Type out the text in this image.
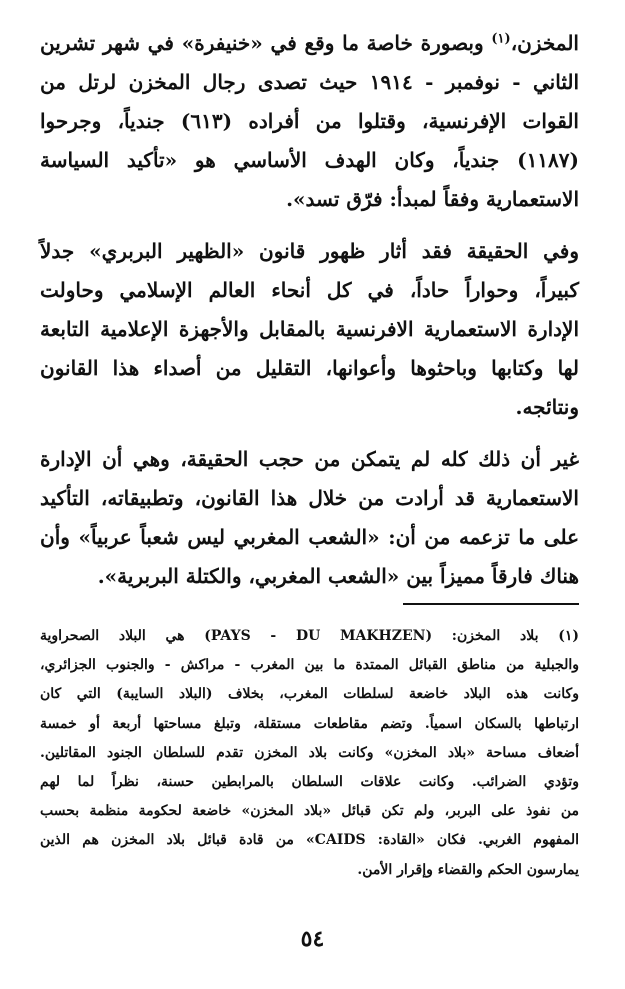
المخزن،$^{(١)}$ وبصورة خاصة ما وقع في «خنيفرة» في شهر تشرين
الثاني - نوفمبر - ١٩١٤ حيث تصدى رجال المخزن لرتل من
القوات الإفرنسية، وقتلوا من أفراده (٦١٣) جندياً، وجرحوا
(١١٨٧) جندياً، وكان الهدف الأساسي هو «تأكيد السياسة
الاستعمارية وفقاً لمبدأ: فرّق تسد».
وفي الحقيقة فقد أثار ظهور قانون «الظهير البربري» جدلاً
كبيراً، وحواراً حاداً، في كل أنحاء العالم الإسلامي وحاولت
الإدارة الاستعمارية الافرنسية بالمقابل والأجهزة الإعلامية التابعة
لها وكتابها وباحثوها وأعوانها، التقليل من أصداء هذا القانون
ونتائجه.
غير أن ذلك كله لم يتمكن من حجب الحقيقة، وهي أن الإدارة
الاستعمارية قد أرادت من خلال هذا القانون، وتطبيقاته، التأكيد
على ما تزعمه من أن: «الشعب المغربي ليس شعباً عربياً» وأن
هناك فارقاً مميزاً بين «الشعب المغربي، والكتلة البربرية».
(١) بلاد المخزن: (PAYS - DU MAKHZEN) هي البلاد الصحراوية
والجبلية من مناطق القبائل الممتدة ما بين المغرب - مراكش - والجنوب الجزائري،
وكانت هذه البلاد خاضعة لسلطات المغرب، بخلاف (البلاد السايبة) التي كان
ارتباطها بالسكان اسمياً. وتضم مقاطعات مستقلة، وتبلغ مساحتها أربعة أو خمسة
أضعاف مساحة «بلاد المخزن» وكانت بلاد المخزن تقدم للسلطان الجنود المقاتلين.
وتؤدي الضرائب. وكانت علاقات السلطان بالمرابطين حسنة، نظراً لما لهم
من نفوذ على البربر، ولم تكن قبائل «بلاد المخزن» خاضعة لحكومة منظمة بحسب
المفهوم الغربي. فكان «القادة: CAIDS» من قادة قبائل بلاد المخزن هم الذين
يمارسون الحكم والقضاء وإقرار الأمن.
٥٤
